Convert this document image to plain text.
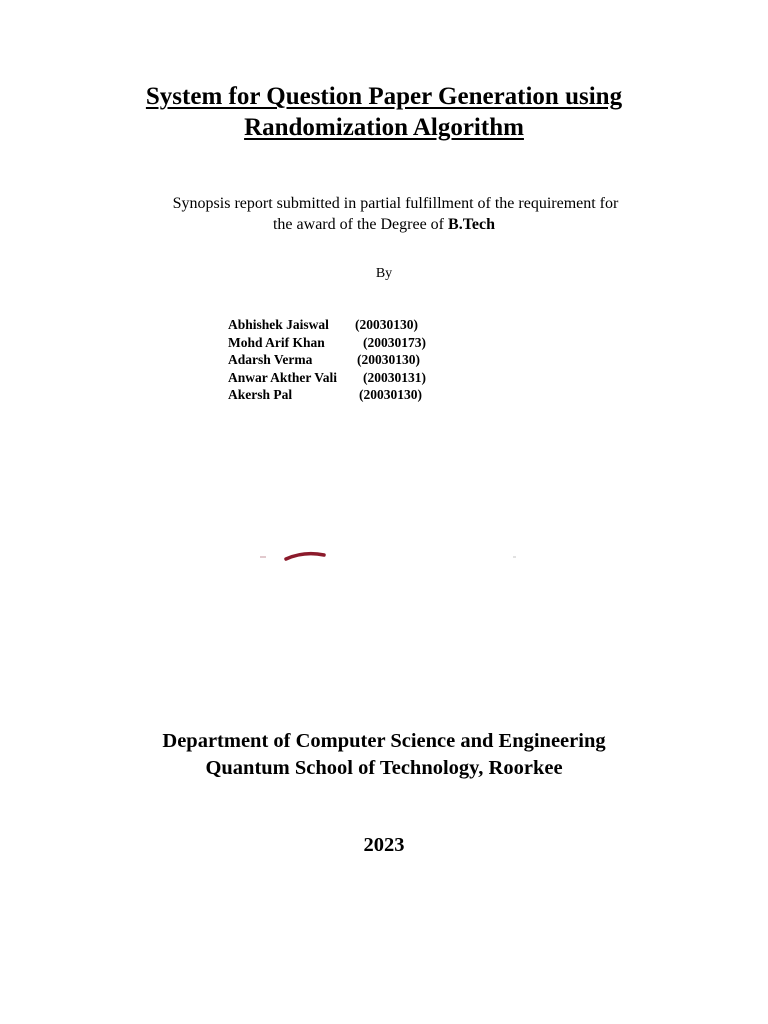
System for Question Paper Generation using
Randomization Algorithm
Synopsis report submitted in partial fulfillment of the requirement for
the award of the Degree of B.Tech
By
Abhishek Jaiswal (20030130)
Mohd Arif Khan	(20030173)
Adarsh Verma	(20030130)
Anwar Akther Vali (20030131)
Akersh Pal	(20030130)
Department of Computer Science and Engineering
Quantum School of Technology, Roorkee
2023
